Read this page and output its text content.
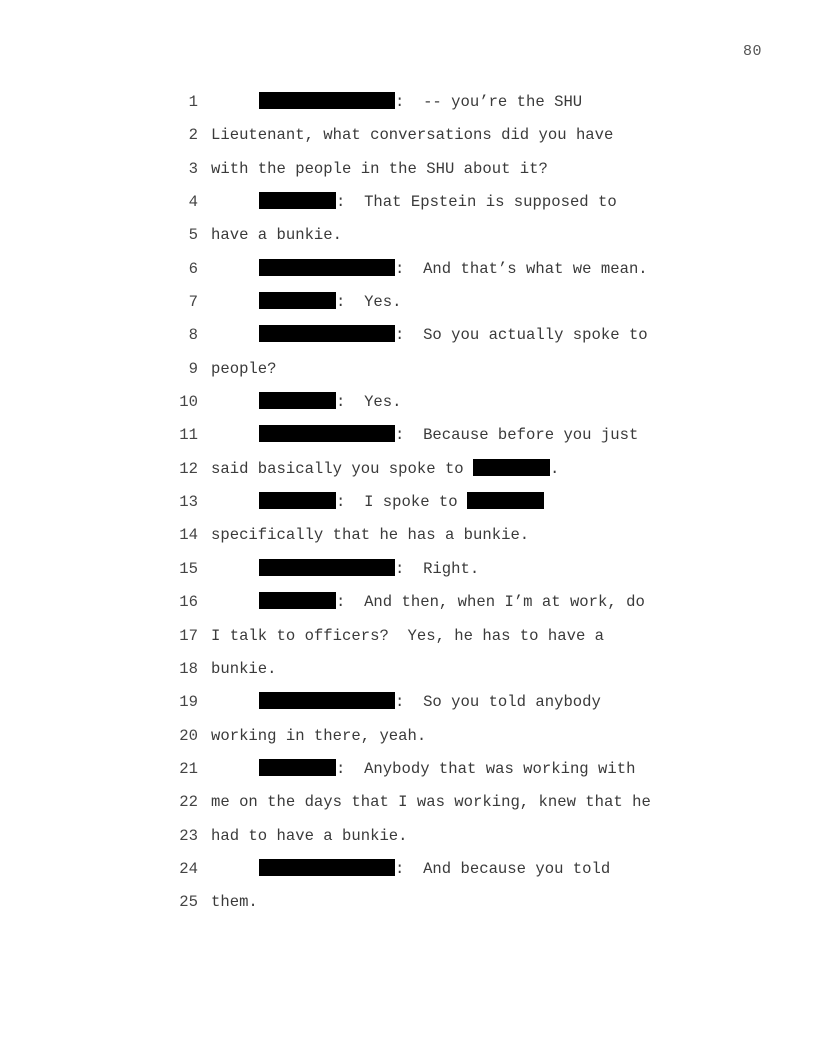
80
1	:  -- you’re the SHU
2 Lieutenant, what conversations did you have
3 with the people in the SHU about it?
4	:  That Epstein is supposed to
5 have a bunkie.
6	:  And that’s what we mean.
7	:  Yes.
8	:  So you actually spoke to
9 people?
10	:  Yes.
11	:  Because before you just
12 said basically you spoke to	.
13	:  I spoke to
14 specifically that he has a bunkie.
15	:  Right.
16	:  And then, when I’m at work, do
17 I talk to officers?  Yes, he has to have a
18 bunkie.
19	:  So you told anybody
20 working in there, yeah.
21	:  Anybody that was working with
22 me on the days that I was working, knew that he
23 had to have a bunkie.
24	:  And because you told
25 them.
